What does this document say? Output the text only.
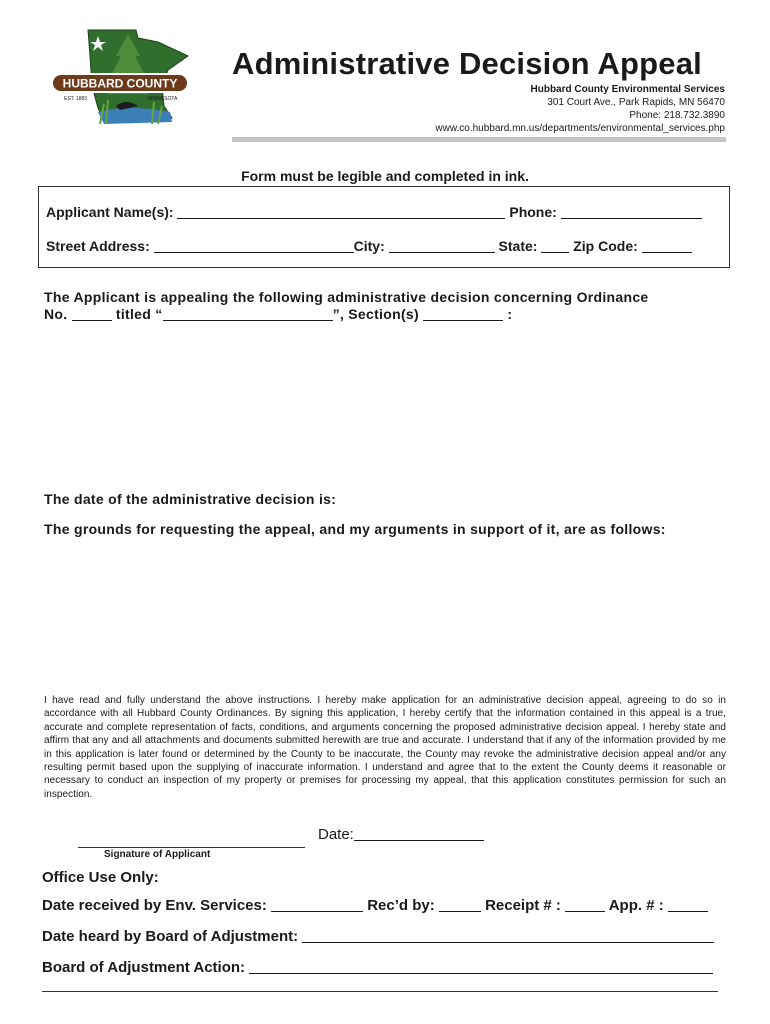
HUBBARD COUNTY
EST. 1883	MINNESOTA
Administrative Decision Appeal
Hubbard County Environmental Services
301 Court Ave., Park Rapids, MN 56470
Phone: 218.732.3890
www.co.hubbard.mn.us/departments/environmental_services.php
Form must be legible and completed in ink.
Applicant Name(s):	Phone:
Street Address:	City:	State:	Zip Code:
The Applicant is appealing the following administrative decision concerning Ordinance
No.	titled “	”, Section(s)	:
The date of the administrative decision is:
The grounds for requesting the appeal, and my arguments in support of it, are as follows:
I have read and fully understand the above instructions. I hereby make application for an administrative decision appeal, agreeing to do so in accordance with all Hubbard County Ordinances. By signing this application, I hereby certify that the information contained in this appeal is a true, accurate and complete representation of facts, conditions, and arguments concerning the proposed administrative decision appeal. I hereby state and affirm that any and all attachments and documents submitted herewith are true and accurate. I understand that if any of the information provided by me in this application is later found or determined by the County to be inaccurate, the County may revoke the administrative decision appeal and/or any resulting permit based upon the supplying of inaccurate information. I understand and agree that to the extent the County deems it reasonable or necessary to conduct an inspection of my property or premises for processing my appeal, that this application constitutes permission for such an inspection.
Signature of Applicant
Date:
Office Use Only:
Date received by Env. Services:	Rec’d by:	Receipt # :	App. # :
Date heard by Board of Adjustment:
Board of Adjustment Action:
